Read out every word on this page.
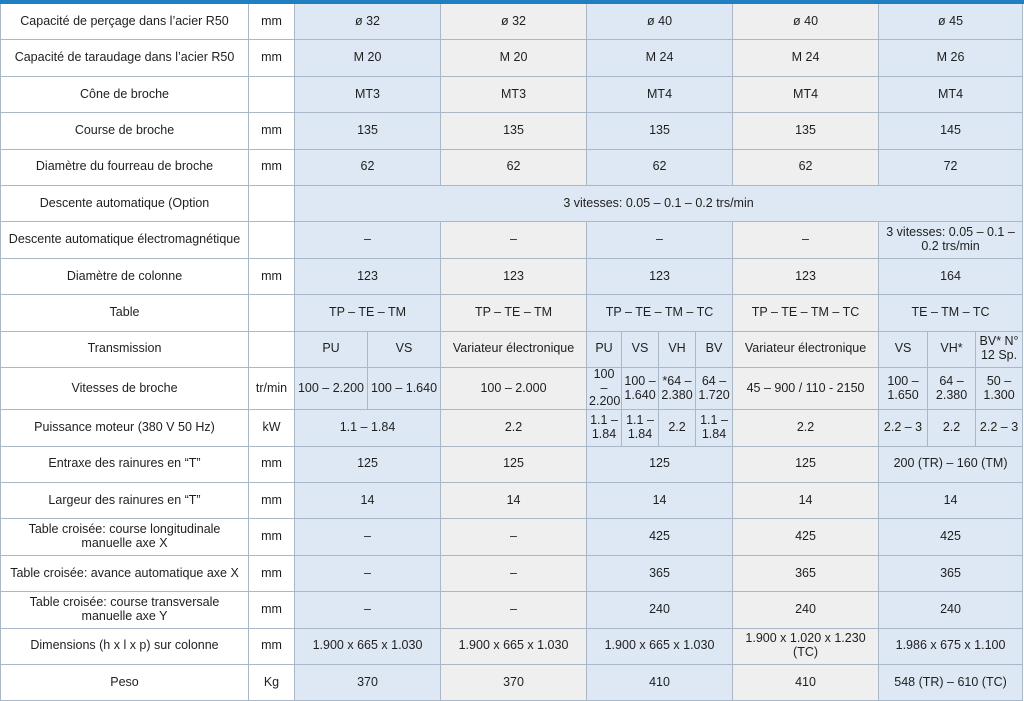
Capacité de perçage dans l’acier R50	mm	ø 32		ø 32	ø 40				ø 40	ø 45		
Capacité de taraudage dans l’acier R50	mm	M 20		M 20	M 24				M 24	M 26		
Cône de broche		MT3		MT3	MT4				MT4	MT4		
Course de broche	mm	135		135	135				135	145		
Diamètre du fourreau de broche	mm	62		62	62				62	72		
Descente automatique (Option		3 vitesses: 0.05 – 0.1 – 0.2 trs/min										
Descente automatique électromagnétique		–		–	–				–	3 vitesses: 0.05 – 0.1 – 0.2 trs/min		
Diamètre de colonne	mm	123		123	123				123	164		
Table		TP – TE – TM		TP – TE – TM	TP – TE – TM – TC				TP – TE – TM – TC	TE – TM – TC		
Transmission		PU	VS	Variateur électronique	PU	VS	VH	BV	Variateur électronique	VS	VH*	BV* N° 12 Sp.
Vitesses de broche	tr/min	100 – 2.200	100 – 1.640	100 – 2.000	100 – 2.200	100 – 1.640	*64 – 2.380	64 – 1.720	45 – 900 / 110 - 2150	100 – 1.650	64 – 2.380	50 – 1.300
Puissance moteur (380 V 50 Hz)	kW	1.1 – 1.84		2.2	1.1 – 1.84	1.1 – 1.84	2.2	1.1 – 1.84	2.2	2.2 – 3	2.2	2.2 – 3
Entraxe des rainures en “T”	mm	125		125	125				125	200 (TR) – 160 (TM)		
Largeur des rainures en “T”	mm	14		14	14				14	14		
Table croisée: course longitudinale manuelle axe X	mm	–		–	425				425	425		
Table croisée: avance automatique axe X	mm	–		–	365				365	365		
Table croisée: course transversale manuelle axe Y	mm	–		–	240				240	240		
Dimensions (h x l x p) sur colonne	mm	1.900 x 665 x 1.030		1.900 x 665 x 1.030	1.900 x 665 x 1.030				1.900 x 1.020 x 1.230 (TC)	1.986 x 675 x 1.100		
Peso	Kg	370		370	410				410	548 (TR) – 610 (TC)		
